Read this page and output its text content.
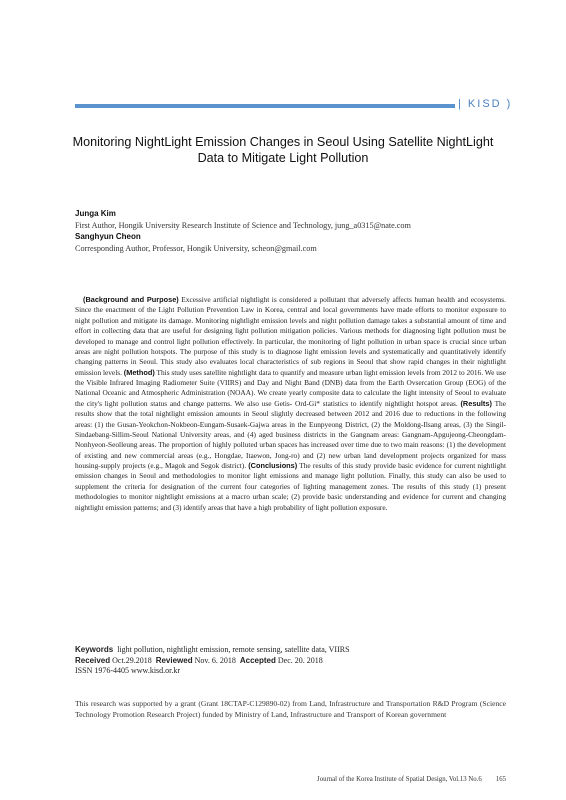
| KISD )
Monitoring NightLight Emission Changes in Seoul Using Satellite NightLight
Data to Mitigate Light Pollution
Junga Kim
First Author, Hongik University Research Institute of Science and Technology, jung_a0315@nate.com
Sanghyun Cheon
Corresponding Author, Professor, Hongik University, scheon@gmail.com
(Background and Purpose) Excessive artificial nightlight is considered a pollutant that adversely affects human health and ecosystems. Since the enactment of the Light Pollution Prevention Law in Korea, central and local governments have made efforts to monitor exposure to night pollution and mitigate its damage. Monitoring nightlight emission levels and night pollution damage takes a substantial amount of time and effort in collecting data that are useful for designing light pollution mitigation policies. Various methods for diagnosing light pollution must be developed to manage and control light pollution effectively. In particular, the monitoring of light pollution in urban space is crucial since urban areas are night pollution hotspots. The purpose of this study is to diagnose light emission levels and systematically and quantitatively identify changing patterns in Seoul. This study also evaluates local characteristics of sub regions in Seoul that show rapid changes in their nightlight emission levels. (Method) This study uses satellite nightlight data to quantify and measure urban light emission levels from 2012 to 2016. We use the Visible Infrared Imaging Radiometer Suite (VIIRS) and Day and Night Band (DNB) data from the Earth Ovsercation Group (EOG) of the National Oceanic and Atmospheric Administration (NOAA). We create yearly composite data to calculate the light intensity of Seoul to evaluate the city's light pollution status and change patterns. We also use Getis- Ord-Gi* statistics to identify nightlight hotspot areas. (Results) The results show that the total nightlight emission amounts in Seoul slightly decreased between 2012 and 2016 due to reductions in the following areas: (1) the Gusan-Yeokchon-Nokbeon-Eungam-Susaek-Gajwa areas in the Eunpyeong District, (2) the Moldong-Ilsang areas, (3) the Singil-Sindaebang-Sillim-Seoul National University areas, and (4) aged business districts in the Gangnam areas: Gangnam-Apgujeong-Cheongdam-Nonhyeon-Seolleung areas. The proportion of highly polluted urban spaces has increased over time due to two main reasons: (1) the development of existing and new commercial areas (e.g., Hongdae, Itaewon, Jong-ro) and (2) new urban land development projects organized for mass housing-supply projects (e.g., Magok and Segok district). (Conclusions) The results of this study provide basic evidence for current nightlight emission changes in Seoul and methodologies to monitor light emissions and manage light pollution. Finally, this study can also be used to supplement the criteria for designation of the current four categories of lighting management zones. The results of this study (1) present methodologies to monitor nightlight emissions at a macro urban scale; (2) provide basic understanding and evidence for current and changing nightlight emission patterns; and (3) identify areas that have a high probability of light pollution exposure.
Keywords light pollution, nightlight emission, remote sensing, satellite data, VIIRS
Received Oct.29.2018 Reviewed Nov. 6. 2018 Accepted Dec. 20. 2018
ISSN 1976-4405 www.kisd.or.kr
This research was supported by a grant (Grant 18CTAP-C129890-02) from Land, Infrastructure and Transportation R&D Program (Science Technology Promotion Research Project) funded by Ministry of Land, Infrastructure and Transport of Korean government
Journal of the Korea Institute of Spatial Design, Vol.13 No.6 165
